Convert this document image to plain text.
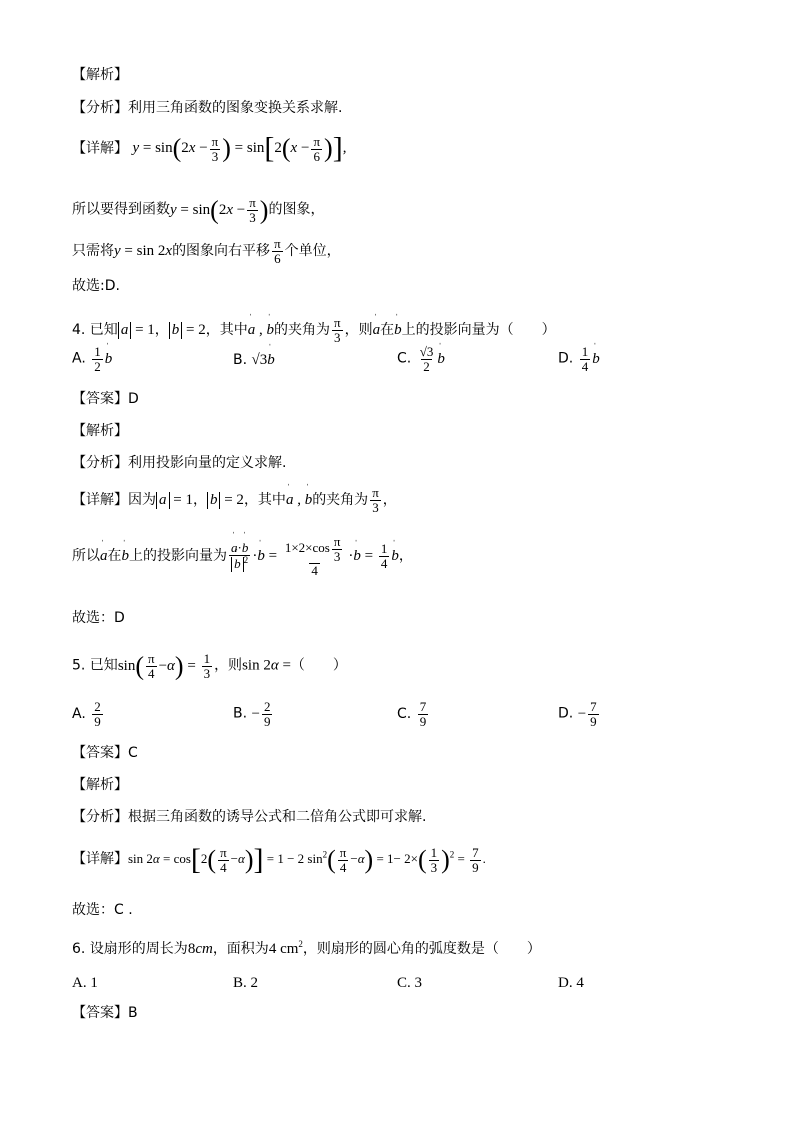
【解析】
【分析】利用三角函数的图象变换关系求解.
【详解】 $y = \sin(2x - \frac{\pi}{3}$ ) = $\sin[2(x - \frac{\pi}{6}$ )],
所以要得到函数$y = \sin(2x - \frac{\pi}{3}$ )的图象，
只需将y = sin 2x的图象向右平移 $\frac{\pi}{6}$ 个单位，
故选:D.
4. 已知 a = 1， b = 2，其中ˈ a , ˈ b的夹角为 $\frac{\pi}{3}$ ，则ˈ a在ˈ b上的投影向量为（　　）
A. $\frac{1}{2}$ ˈ b	B. √3ˈ b	C. $\frac{√3}{2}$ ˈ b	D. $\frac{1}{4}$ ˈ b
【答案】D
【解析】
【分析】利用投影向量的定义求解.
【详解】因为 a = 1， b = 2，其中ˈ a , ˈ b的夹角为 $\frac{\pi}{3}$ ，
所以ˈ a在ˈ b上的投影向量为 ˈ a·ˈ b
ˈ b $^2$ ·ˈ $b = \frac{1\times 2\times\cos \frac{\pi}{3}}{4}$ ·ˈ $b = \frac{1}{4}$ ˈ b，
故选：D
5. 已知$\sin( \frac{\pi}{4} -\alpha) = \frac{1}{3}$ ，则sin 2α =（　　）
A. $\frac{2}{9}$	B. − $\frac{2}{9}$	C. $\frac{7}{9}$	D. − $\frac{7}{9}$
【答案】C
【解析】
【分析】根据三角函数的诱导公式和二倍角公式即可求解.
【详解】$\sin 2\alpha = \cos[2( \frac{\pi}{4} -\alpha)] = 1 - 2$ $\sin^2( \frac{\pi}{4} -\alpha) = 1- 2\times( \frac{1}{3} )^2 = \frac{7}{9}$ .
故选：C .
6. 设扇形的周长为8cm，面积为4 $cm^2$，则扇形的圆心角的弧度数是（　　）
A. 1	B. 2	C. 3	D. 4
【答案】B
